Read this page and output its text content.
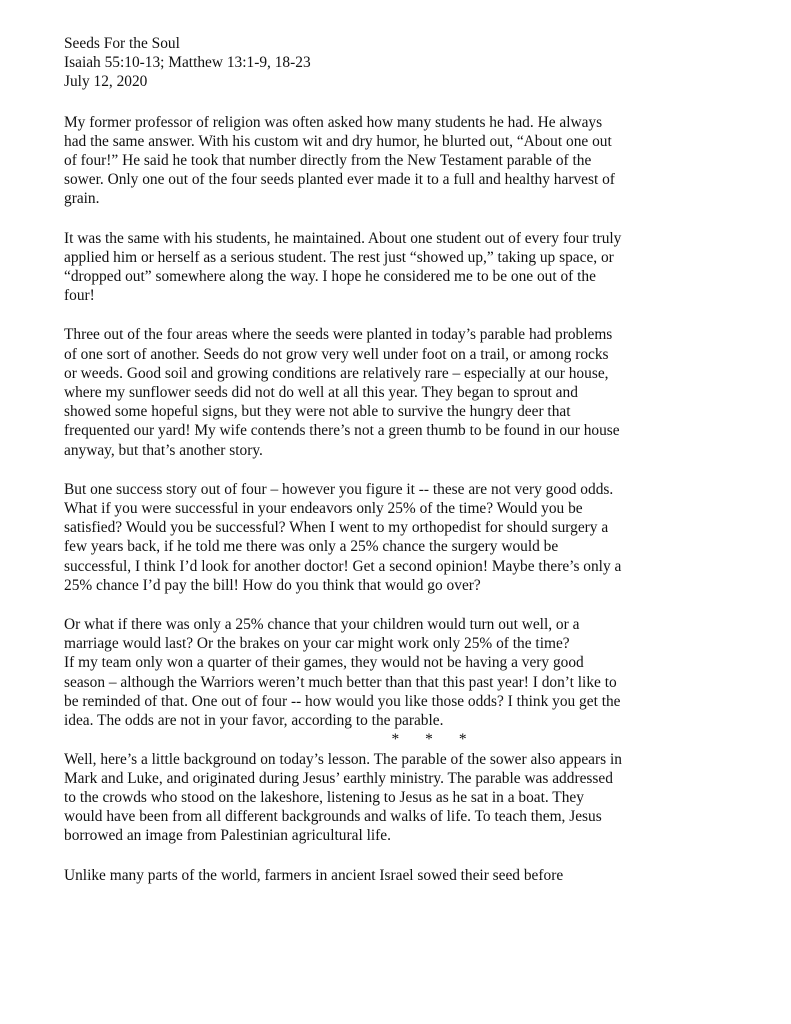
Seeds For the Soul

Isaiah 55:10-13; Matthew 13:1-9, 18-23

July 12, 2020

My former professor of religion was often asked how many students he had. He always
had the same answer. With his custom wit and dry humor, he blurted out, “About one out
of four!” He said he took that number directly from the New Testament parable of the
sower. Only one out of the four seeds planted ever made it to a full and healthy harvest of
grain.

It was the same with his students, he maintained. About one student out of every four truly
applied him or herself as a serious student. The rest just “showed up,” taking up space, or
“dropped out” somewhere along the way. I hope he considered me to be one out of the
four!

Three out of the four areas where the seeds were planted in today’s parable had problems
of one sort of another. Seeds do not grow very well under foot on a trail, or among rocks
or weeds. Good soil and growing conditions are relatively rare – especially at our house,
where my sunflower seeds did not do well at all this year. They began to sprout and
showed some hopeful signs, but they were not able to survive the hungry deer that
frequented our yard! My wife contends there’s not a green thumb to be found in our house
anyway, but that’s another story.

But one success story out of four – however you figure it -- these are not very good odds.
What if you were successful in your endeavors only 25% of the time? Would you be
satisfied? Would you be successful? When I went to my orthopedist for should surgery a
few years back, if he told me there was only a 25% chance the surgery would be
successful, I think I’d look for another doctor! Get a second opinion! Maybe there’s only a
25% chance I’d pay the bill! How do you think that would go over?

Or what if there was only a 25% chance that your children would turn out well, or a
marriage would last? Or the brakes on your car might work only 25% of the time?
If my team only won a quarter of their games, they would not be having a very good
season – although the Warriors weren’t much better than that this past year! I don’t like to
be reminded of that. One out of four -- how would you like those odds? I think you get the
idea. The odds are not in your favor, according to the parable.

* * *

Well, here’s a little background on today’s lesson. The parable of the sower also appears in
Mark and Luke, and originated during Jesus’ earthly ministry. The parable was addressed
to the crowds who stood on the lakeshore, listening to Jesus as he sat in a boat. They
would have been from all different backgrounds and walks of life. To teach them, Jesus
borrowed an image from Palestinian agricultural life.

Unlike many parts of the world, farmers in ancient Israel sowed their seed before
